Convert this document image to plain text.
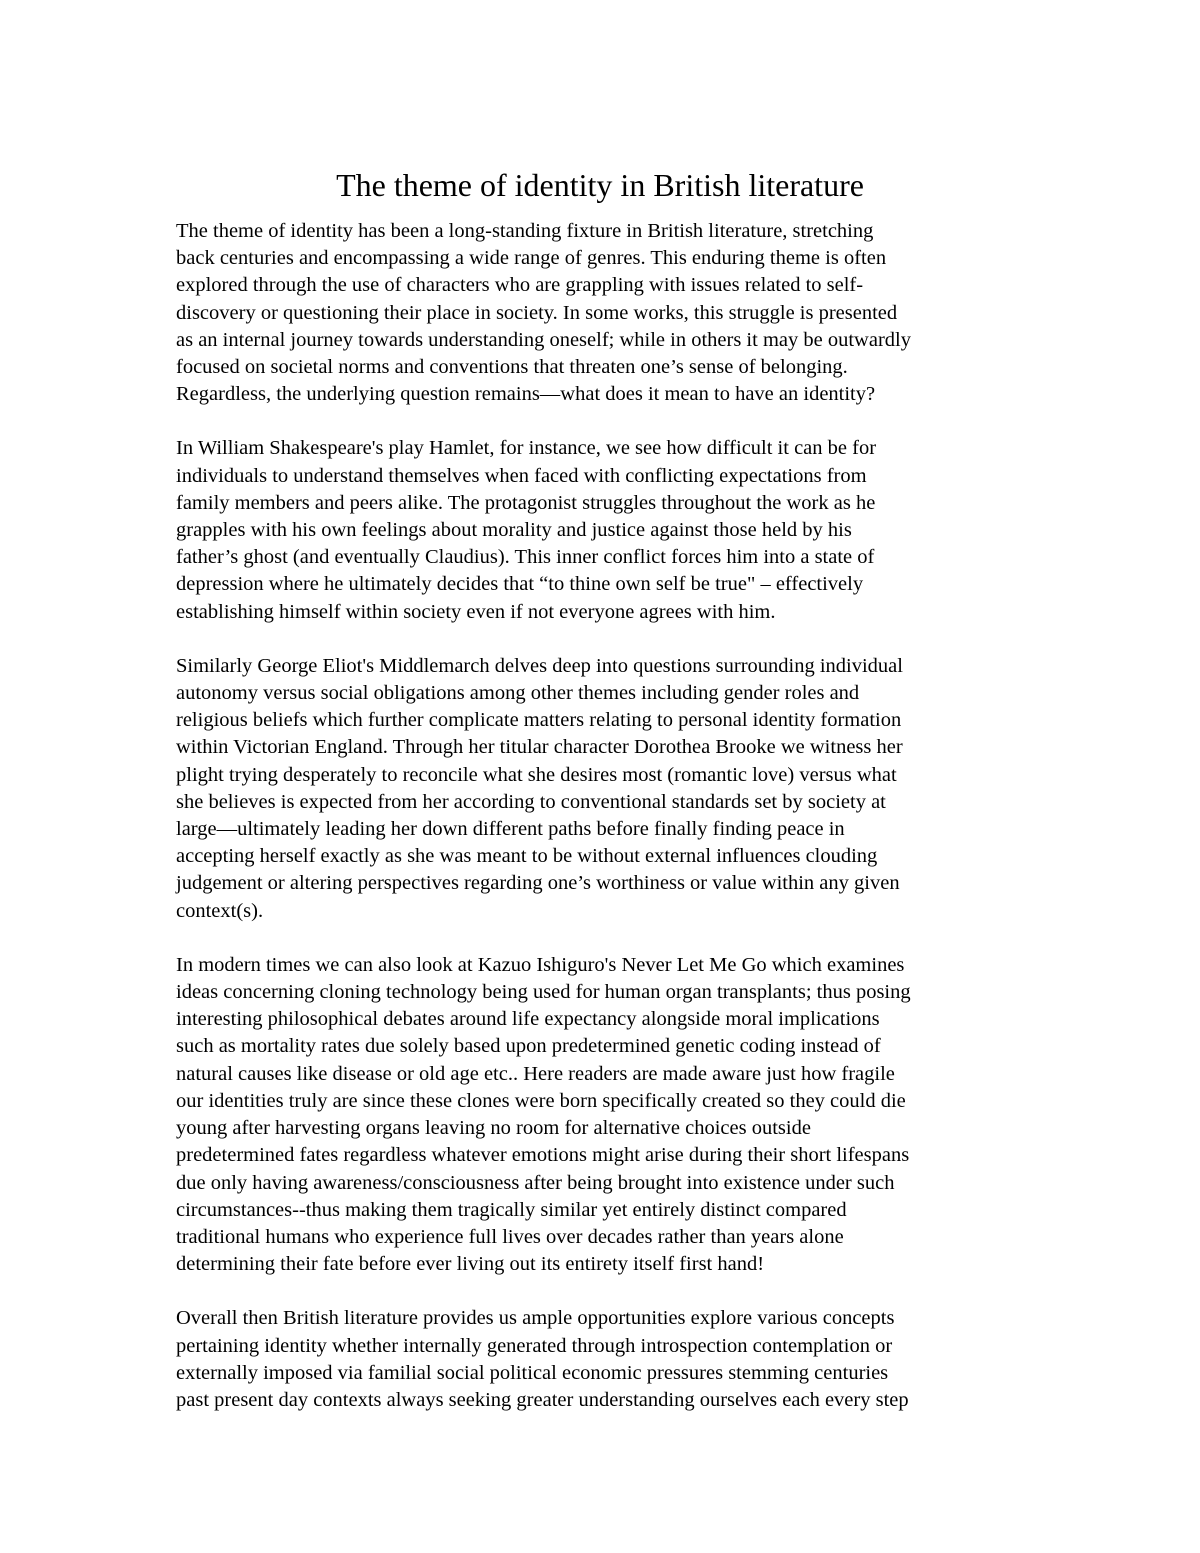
The theme of identity in British literature

The theme of identity has been a long-standing fixture in British literature, stretching
back centuries and encompassing a wide range of genres. This enduring theme is often
explored through the use of characters who are grappling with issues related to self-
discovery or questioning their place in society. In some works, this struggle is presented
as an internal journey towards understanding oneself; while in others it may be outwardly
focused on societal norms and conventions that threaten one’s sense of belonging.
Regardless, the underlying question remains—what does it mean to have an identity?

In William Shakespeare's play Hamlet, for instance, we see how difficult it can be for
individuals to understand themselves when faced with conflicting expectations from
family members and peers alike. The protagonist struggles throughout the work as he
grapples with his own feelings about morality and justice against those held by his
father’s ghost (and eventually Claudius). This inner conflict forces him into a state of
depression where he ultimately decides that “to thine own self be true" – effectively
establishing himself within society even if not everyone agrees with him.

Similarly George Eliot's Middlemarch delves deep into questions surrounding individual
autonomy versus social obligations among other themes including gender roles and
religious beliefs which further complicate matters relating to personal identity formation
within Victorian England. Through her titular character Dorothea Brooke we witness her
plight trying desperately to reconcile what she desires most (romantic love) versus what
she believes is expected from her according to conventional standards set by society at
large—ultimately leading her down different paths before finally finding peace in
accepting herself exactly as she was meant to be without external influences clouding
judgement or altering perspectives regarding one’s worthiness or value within any given
context(s).

In modern times we can also look at Kazuo Ishiguro's Never Let Me Go which examines
ideas concerning cloning technology being used for human organ transplants; thus posing
interesting philosophical debates around life expectancy alongside moral implications
such as mortality rates due solely based upon predetermined genetic coding instead of
natural causes like disease or old age etc.. Here readers are made aware just how fragile
our identities truly are since these clones were born specifically created so they could die
young after harvesting organs leaving no room for alternative choices outside
predetermined fates regardless whatever emotions might arise during their short lifespans
due only having awareness/consciousness after being brought into existence under such
circumstances--thus making them tragically similar yet entirely distinct compared
traditional humans who experience full lives over decades rather than years alone
determining their fate before ever living out its entirety itself first hand!

Overall then British literature provides us ample opportunities explore various concepts
pertaining identity whether internally generated through introspection contemplation or
externally imposed via familial social political economic pressures stemming centuries
past present day contexts always seeking greater understanding ourselves each every step
